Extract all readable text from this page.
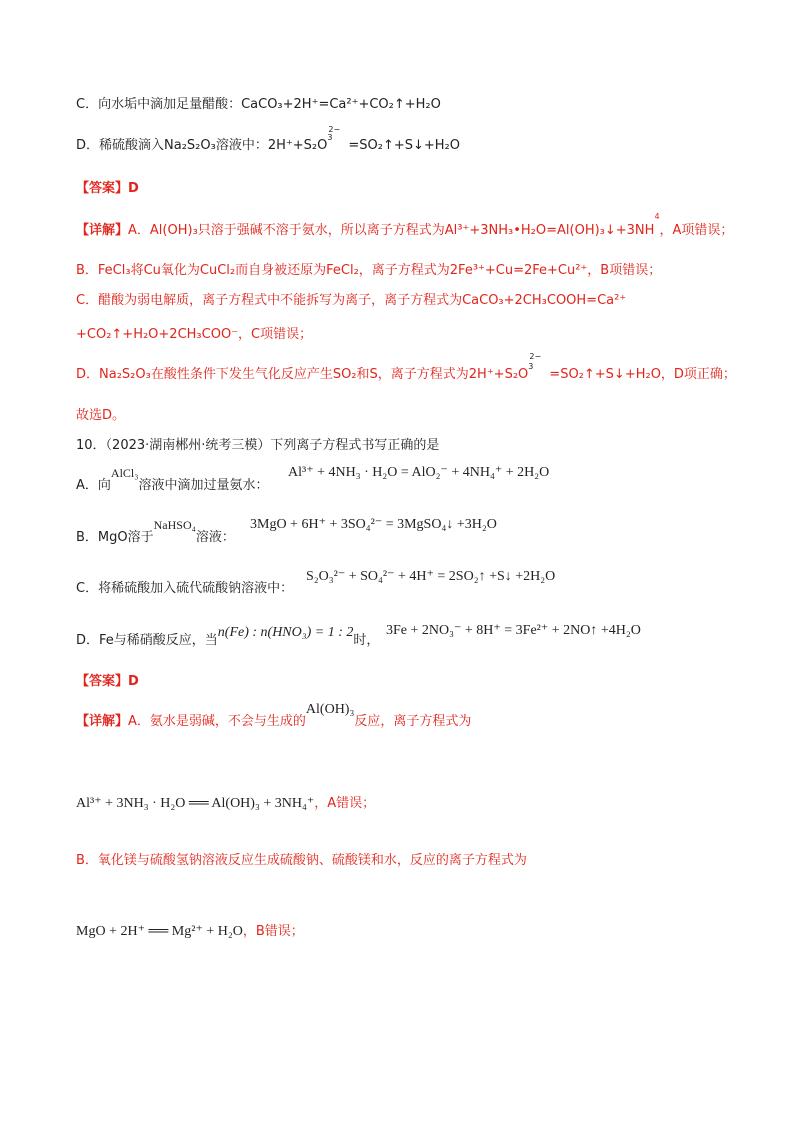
C．向水垢中滴加足量醋酸：CaCO₃+2H⁺=Ca²⁺+CO₂↑+H₂O
D．稀硫酸滴入Na₂S₂O₃溶液中：$2H^++S_2O^{32-}$ =SO₂↑+S↓+H₂O
【答案】D
【详解】A．Al(OH)₃只溶于强碱不溶于氨水，所以离子方程式为$Al^{3+}+3NH_3•H_2O=Al(OH)_3↓+3NH^4$，A项错误；
B．FeCl₃将Cu氧化为CuCl₂而自身被还原为FeCl₂，离子方程式为2Fe³⁺+Cu=2Fe+Cu²⁺，B项错误；
C．醋酸为弱电解质，离子方程式中不能拆写为离子，离子方程式为CaCO₃+2CH₃COOH=Ca²⁺
+CO₂↑+H₂O+2CH₃COO⁻，C项错误；
D．Na₂S₂O₃在酸性条件下发生气化反应产生SO₂和S，离子方程式为$2H^++S_2O^{32-}$ =SO₂↑+S↓+H₂O，D项正确；
故选D。
10．（2023·湖南郴州·统考三模）下列离子方程式书写正确的是
A．向AlCl₃溶液中滴加过量氨水：
Al³⁺ + 4NH₃ · H₂O = AlO₂⁻ + 4NH₄⁺ + 2H₂O
B．MgO溶于NaHSO₄溶液：
3MgO + 6H⁺ + 3SO₄²⁻ = 3MgSO₄↓ +3H₂O
C．将稀硫酸加入硫代硫酸钠溶液中：
S₂O₃²⁻ + SO₄²⁻ + 4H⁺ = 2SO₂↑ +S↓ +2H₂O
D．Fe与稀硝酸反应，当n(Fe) : n(HNO₃) = 1 : 2时，
3Fe + 2NO₃⁻ + 8H⁺ = 3Fe²⁺ + 2NO↑ +4H₂O
【答案】D
【详解】A．氨水是弱碱，不会与生成的Al(OH)₃反应，离子方程式为
Al³⁺ + 3NH₃ · H₂O ══ Al(OH)₃ + 3NH₄⁺，A错误；
B．氧化镁与硫酸氢钠溶液反应生成硫酸钠、硫酸镁和水，反应的离子方程式为
MgO + 2H⁺ ══ Mg²⁺ + H₂O，B错误；
